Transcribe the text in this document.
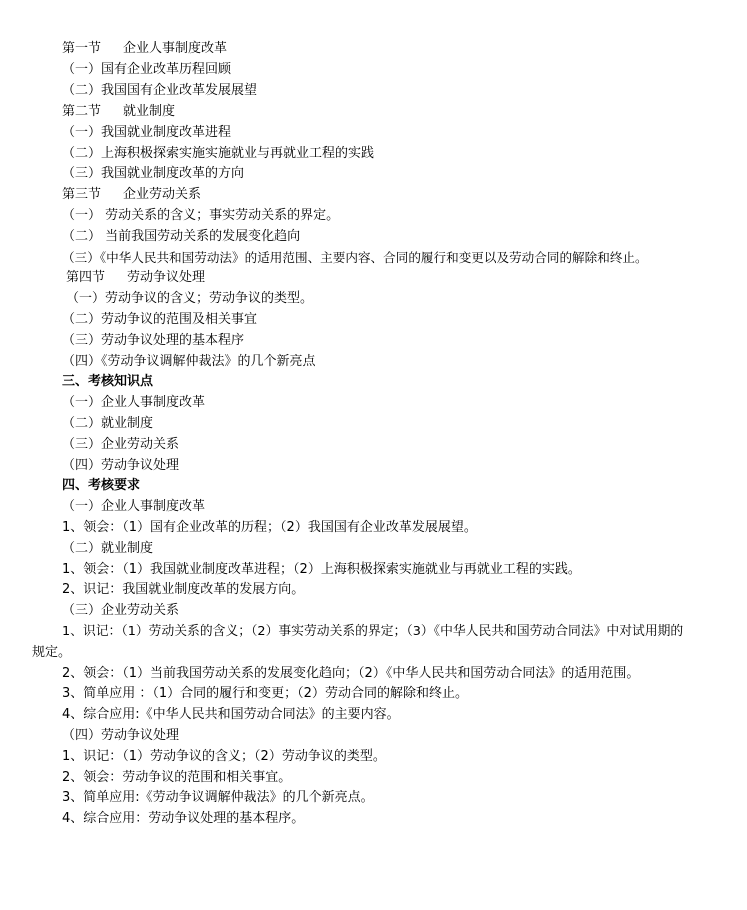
第一节 企业人事制度改革
（一）国有企业改革历程回顾
（二）我国国有企业改革发展展望
第二节 就业制度
（一）我国就业制度改革进程
（二）上海积极探索实施实施就业与再就业工程的实践
（三）我国就业制度改革的方向
第三节 企业劳动关系
（一） 劳动关系的含义；事实劳动关系的界定。
（二） 当前我国劳动关系的发展变化趋向
（三）《中华人民共和国劳动法》的适用范围、主要内容、合同的履行和变更以及劳动合同的解除和终止。
第四节 劳动争议处理
（一）劳动争议的含义；劳动争议的类型。
（二）劳动争议的范围及相关事宜
（三）劳动争议处理的基本程序
（四）《劳动争议调解仲裁法》的几个新亮点
三、考核知识点
（一）企业人事制度改革
（二）就业制度
（三）企业劳动关系
（四）劳动争议处理
四、考核要求
（一）企业人事制度改革
1、领会：（1）国有企业改革的历程；（2）我国国有企业改革发展展望。
（二）就业制度
1、领会：（1）我国就业制度改革进程；（2）上海积极探索实施就业与再就业工程的实践。
2、识记：我国就业制度改革的发展方向。
（三）企业劳动关系
1、识记：（1）劳动关系的含义；（2）事实劳动关系的界定；（3）《中华人民共和国劳动合同法》中对试用期的
规定。
2、领会：（1）当前我国劳动关系的发展变化趋向；（2）《中华人民共和国劳动合同法》的适用范围。
3、简单应用 ：（1）合同的履行和变更；（2）劳动合同的解除和终止。
4、综合应用:《中华人民共和国劳动合同法》的主要内容。
（四）劳动争议处理
1、识记：（1）劳动争议的含义；（2）劳动争议的类型。
2、领会：劳动争议的范围和相关事宜。
3、简单应用:《劳动争议调解仲裁法》的几个新亮点。
4、综合应用：劳动争议处理的基本程序。
